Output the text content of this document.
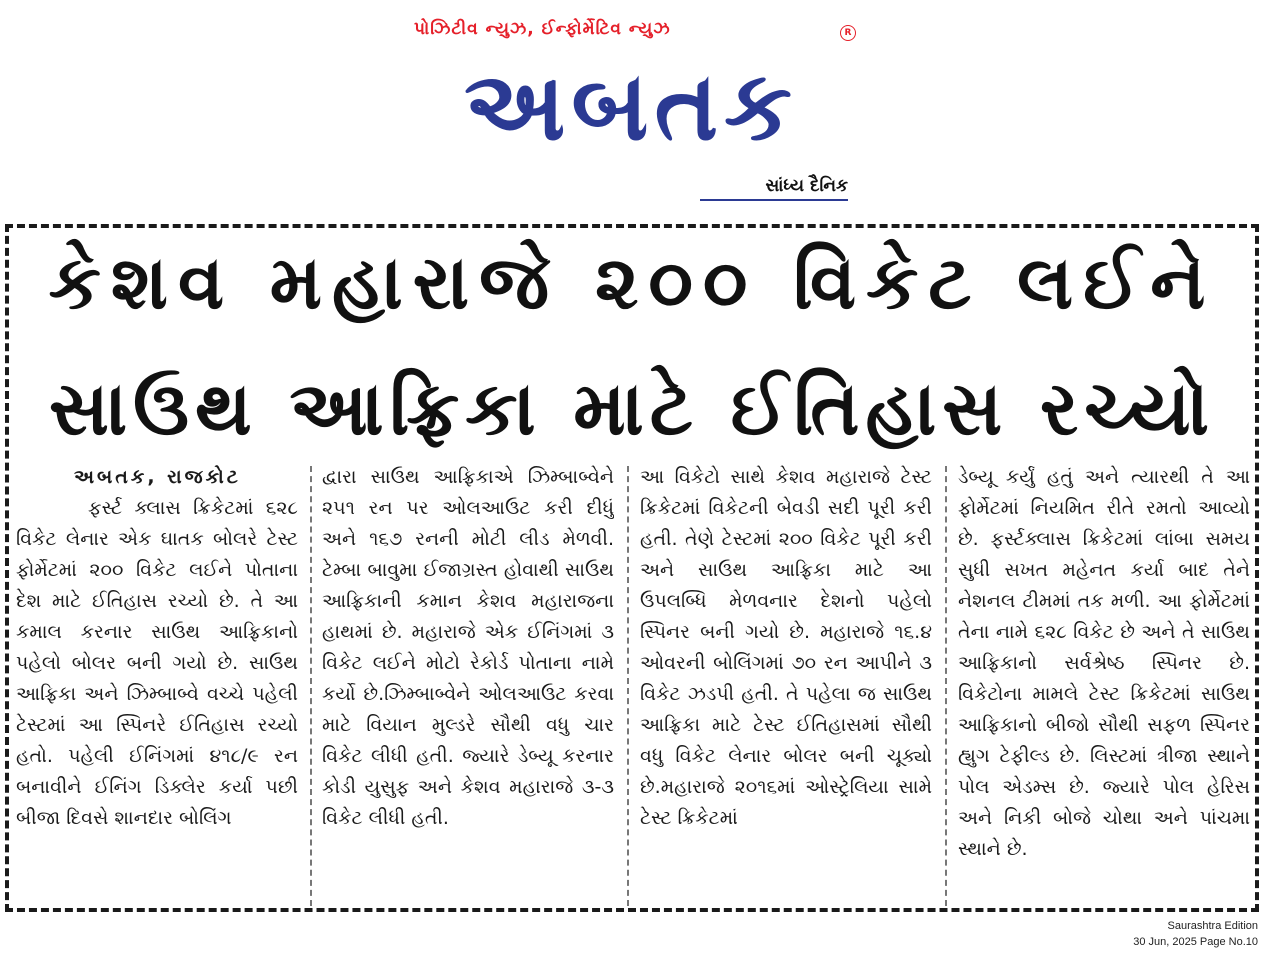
પોઝિટીવ ન્યુઝ, ઈન્ફોર્મેટિવ ન્યુઝ	R
અબતક
સાંધ્ય દૈનિક
કેશવ મહારાજે ૨૦૦ વિકેટ લઈને
સાઉથ આફ્રિકા માટે ઈતિહાસ રચ્યો
અબતક, રાજકોટ
ફર્સ્ટ ક્લાસ ક્રિકેટમાં ૬૨૮ વિકેટ લેનાર એક ઘાતક બોલરે ટેસ્ટ ફોર્મેટમાં ૨૦૦ વિકેટ લઈને પોતાના દેશ માટે ઈતિહાસ રચ્યો છે. તે આ કમાલ કરનાર સાઉથ આફ્રિકાનો પહેલો બોલર બની ગયો છે. સાઉથ આફ્રિકા અને ઝિમ્બાબ્વે વચ્ચે પહેલી ટેસ્ટમાં આ સ્પિનરે ઈતિહાસ રચ્યો હતો. પહેલી ઈનિંગમાં ૪૧૮/૯ રન બનાવીને ઈનિંગ ડિક્લેર કર્યા પછી બીજા દિવસે શાનદાર બોલિંગ
દ્વારા સાઉથ આફ્રિકાએ ઝિમ્બાબ્વેને ૨૫૧ રન પર ઓલઆઉટ કરી દીધું અને ૧૬૭ રનની મોટી લીડ મેળવી. ટેમ્બા બાવુમા ઈજાગ્રસ્ત હોવાથી સાઉથ આફ્રિકાની કમાન કેશવ મહારાજના હાથમાં છે. મહારાજે એક ઈનિંગમાં ૩ વિકેટ લઈને મોટો રેકોર્ડ પોતાના નામે કર્યો છે.ઝિમ્બાબ્વેને ઓલઆઉટ કરવા માટે વિયાન મુલ્ડરે સૌથી વધુ ચાર વિકેટ લીધી હતી. જ્યારે ડેબ્યૂ કરનાર કોડી યુસુફ અને કેશવ મહારાજે ૩-૩ વિકેટ લીધી હતી.
આ વિકેટો સાથે કેશવ મહારાજે ટેસ્ટ ક્રિકેટમાં વિકેટની બેવડી સદી પૂરી કરી હતી. તેણે ટેસ્ટમાં ૨૦૦ વિકેટ પૂરી કરી અને સાઉથ આફ્રિકા માટે આ ઉપલબ્ધિ મેળવનાર દેશનો પહેલો સ્પિનર બની ગયો છે. મહારાજે ૧૬.૪ ઓવરની બોલિંગમાં ૭૦ રન આપીને ૩ વિકેટ ઝડપી હતી. તે પહેલા જ સાઉથ આફ્રિકા માટે ટેસ્ટ ઈતિહાસમાં સૌથી વધુ વિકેટ લેનાર બોલર બની ચૂક્યો છે.મહારાજે ૨૦૧૬માં ઓસ્ટ્રેલિયા સામે ટેસ્ટ ક્રિકેટમાં
ડેબ્યૂ કર્યું હતું અને ત્યારથી તે આ ફોર્મેટમાં નિયમિત રીતે રમતો આવ્યો છે. ફર્સ્ટક્લાસ ક્રિકેટમાં લાંબા સમય સુધી સખત મહેનત કર્યા બાદ તેને નેશનલ ટીમમાં તક મળી. આ ફોર્મેટમાં તેના નામે ૬૨૮ વિકેટ છે અને તે સાઉથ આફ્રિકાનો સર્વશ્રેષ્ઠ સ્પિનર છે. વિકેટોના મામલે ટેસ્ટ ક્રિકેટમાં સાઉથ આફ્રિકાનો બીજો સૌથી સફળ સ્પિનર હ્યુગ ટેફીલ્ડ છે. લિસ્ટમાં ત્રીજા સ્થાને પોલ એડમ્સ છે. જ્યારે પોલ હેરિસ અને નિકી બોજે ચોથા અને પાંચમા સ્થાને છે.
Saurashtra Edition
30 Jun, 2025 Page No.10
